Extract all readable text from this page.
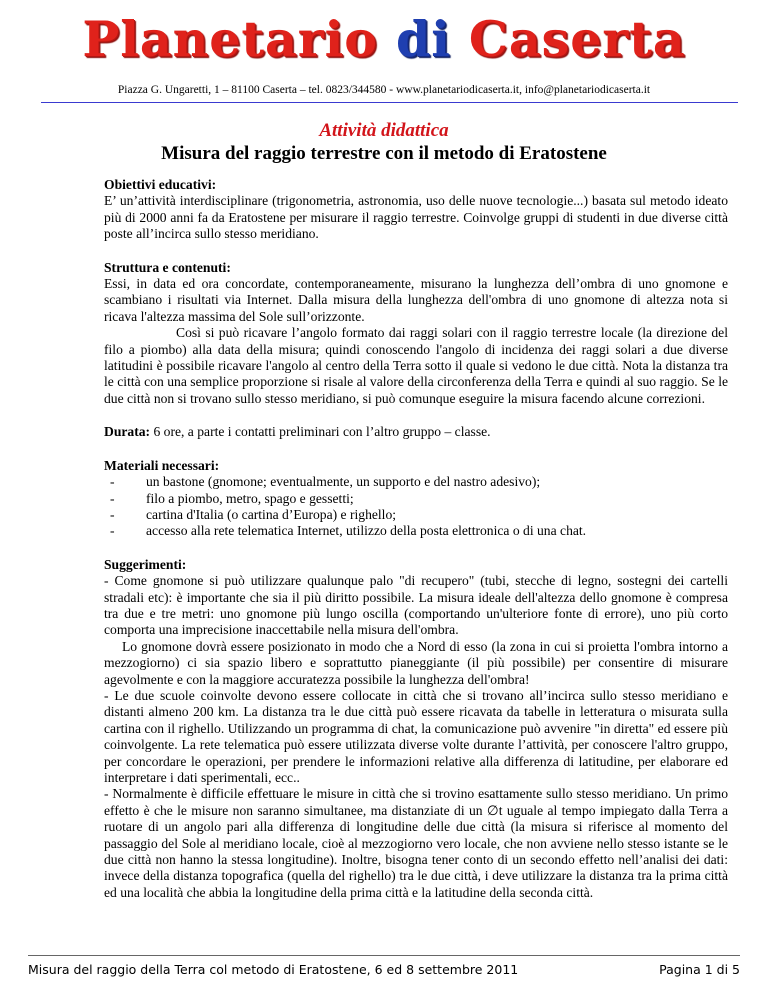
Planetario di Caserta
Piazza G. Ungaretti, 1 – 81100 Caserta – tel. 0823/344580 - www.planetariodicaserta.it, info@planetariodicaserta.it
Attività didattica
Misura del raggio terrestre con il metodo di Eratostene

Obiettivi educativi:

E’ un’attività interdisciplinare (trigonometria, astronomia, uso delle nuove tecnologie...) basata sul metodo ideato più di 2000 anni fa da Eratostene per misurare il raggio terrestre. Coinvolge gruppi di studenti in due diverse città poste all’incirca sullo stesso meridiano.

Struttura e contenuti:

Essi, in data ed ora concordate, contemporaneamente, misurano la lunghezza dell’ombra di uno gnomone e scambiano i risultati via Internet. Dalla misura della lunghezza dell'ombra di uno gnomone di altezza nota si ricava l'altezza massima del Sole sull’orizzonte.

Così si può ricavare l’angolo formato dai raggi solari con il raggio terrestre locale (la direzione del filo a piombo) alla data della misura; quindi conoscendo l'angolo di incidenza dei raggi solari a due diverse latitudini è possibile ricavare l'angolo al centro della Terra sotto il quale si vedono le due città. Nota la distanza tra le città con una semplice proporzione si risale al valore della circonferenza della Terra e quindi al suo raggio. Se le due città non si trovano sullo stesso meridiano, si può comunque eseguire la misura facendo alcune correzioni.

Durata: 6 ore, a parte i contatti preliminari con l’altro gruppo – classe.

Materiali necessari:

- un bastone (gnomone; eventualmente, un supporto e del nastro adesivo);
- filo a piombo, metro, spago e gessetti;
- cartina d'Italia (o cartina d’Europa) e righello;
- accesso alla rete telematica Internet, utilizzo della posta elettronica o di una chat.

Suggerimenti:

- Come gnomone si può utilizzare qualunque palo "di recupero" (tubi, stecche di legno, sostegni dei cartelli stradali etc): è importante che sia il più diritto possibile. La misura ideale dell'altezza dello gnomone è compresa tra due e tre metri: uno gnomone più lungo oscilla (comportando un'ulteriore fonte di errore), uno più corto comporta una imprecisione inaccettabile nella misura dell'ombra.

Lo gnomone dovrà essere posizionato in modo che a Nord di esso (la zona in cui si proietta l'ombra intorno a mezzogiorno) ci sia spazio libero e soprattutto pianeggiante (il più possibile) per consentire di misurare agevolmente e con la maggiore accuratezza possibile la lunghezza dell'ombra!

- Le due scuole coinvolte devono essere collocate in città che si trovano all’incirca sullo stesso meridiano e distanti almeno 200 km. La distanza tra le due città può essere ricavata da tabelle in letteratura o misurata sulla cartina con il righello. Utilizzando un programma di chat, la comunicazione può avvenire "in diretta" ed essere più coinvolgente. La rete telematica può essere utilizzata diverse volte durante l’attività, per conoscere l'altro gruppo, per concordare le operazioni, per prendere le informazioni relative alla differenza di latitudine, per elaborare ed interpretare i dati sperimentali, ecc..

- Normalmente è difficile effettuare le misure in città che si trovino esattamente sullo stesso meridiano. Un primo effetto è che le misure non saranno simultanee, ma distanziate di un ∅t uguale al tempo impiegato dalla Terra a ruotare di un angolo pari alla differenza di longitudine delle due città (la misura si riferisce al momento del passaggio del Sole al meridiano locale, cioè al mezzogiorno vero locale, che non avviene nello stesso istante se le due città non hanno la stessa longitudine). Inoltre, bisogna tener conto di un secondo effetto nell’analisi dei dati: invece della distanza topografica (quella del righello) tra le due città, i deve utilizzare la distanza tra la prima città ed una località che abbia la longitudine della prima città e la latitudine della seconda città.

Misura del raggio della Terra col metodo di Eratostene, 6 ed 8 settembre 2011	Pagina 1 di 5
